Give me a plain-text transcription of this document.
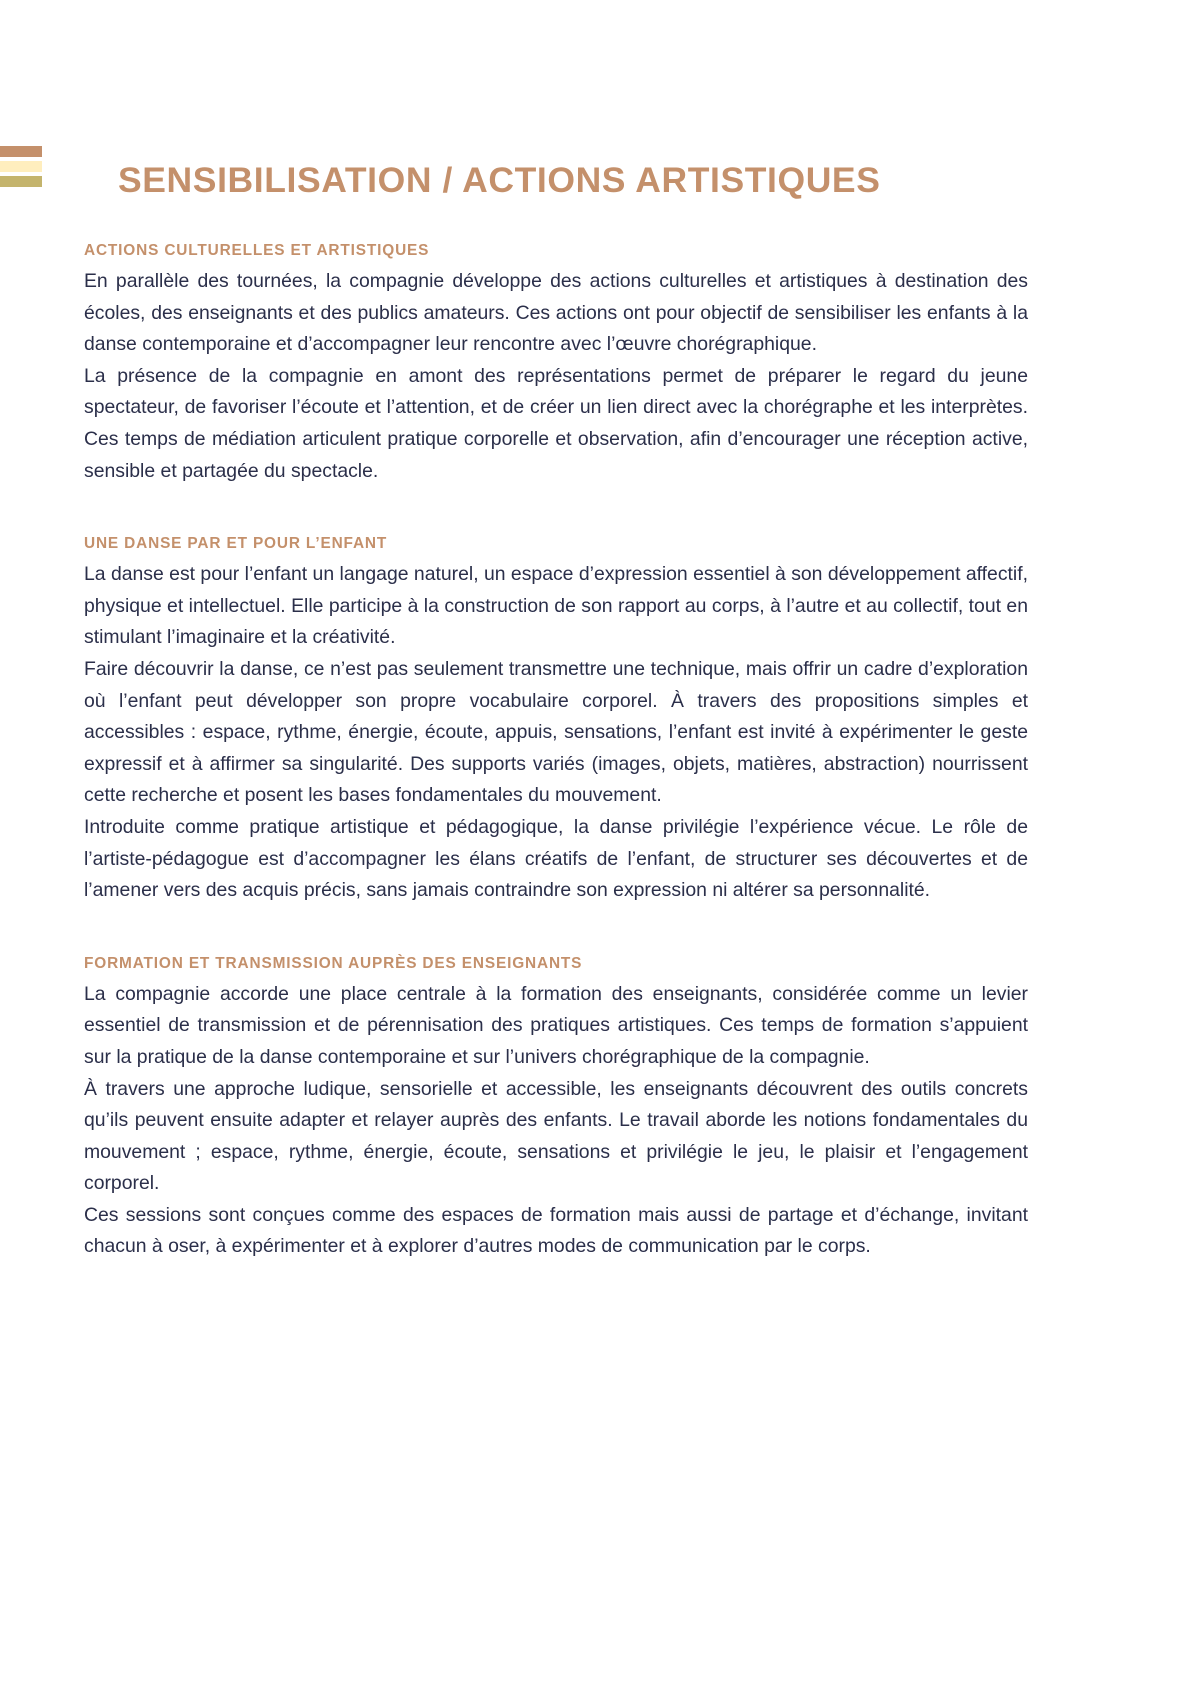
SENSIBILISATION / ACTIONS ARTISTIQUES
ACTIONS CULTURELLES ET ARTISTIQUES

En parallèle des tournées, la compagnie développe des actions culturelles et artistiques à destination des écoles, des enseignants et des publics amateurs. Ces actions ont pour objectif de sensibiliser les enfants à la danse contemporaine et d’accompagner leur rencontre avec l’œuvre chorégraphique.

La présence de la compagnie en amont des représentations permet de préparer le regard du jeune spectateur, de favoriser l’écoute et l’attention, et de créer un lien direct avec la chorégraphe et les interprètes. Ces temps de médiation articulent pratique corporelle et observation, afin d’encourager une réception active, sensible et partagée du spectacle.

UNE DANSE PAR ET POUR L’ENFANT

La danse est pour l’enfant un langage naturel, un espace d’expression essentiel à son développement affectif, physique et intellectuel. Elle participe à la construction de son rapport au corps, à l’autre et au collectif, tout en stimulant l’imaginaire et la créativité.

Faire découvrir la danse, ce n’est pas seulement transmettre une technique, mais offrir un cadre d’exploration où l’enfant peut développer son propre vocabulaire corporel. À travers des propositions simples et accessibles : espace, rythme, énergie, écoute, appuis, sensations, l’enfant est invité à expérimenter le geste expressif et à affirmer sa singularité. Des supports variés (images, objets, matières, abstraction) nourrissent cette recherche et posent les bases fondamentales du mouvement.

Introduite comme pratique artistique et pédagogique, la danse privilégie l’expérience vécue. Le rôle de l’artiste-pédagogue est d’accompagner les élans créatifs de l’enfant, de structurer ses découvertes et de l’amener vers des acquis précis, sans jamais contraindre son expression ni altérer sa personnalité.

FORMATION ET TRANSMISSION AUPRÈS DES ENSEIGNANTS

La compagnie accorde une place centrale à la formation des enseignants, considérée comme un levier essentiel de transmission et de pérennisation des pratiques artistiques. Ces temps de formation s’appuient sur la pratique de la danse contemporaine et sur l’univers chorégraphique de la compagnie.

À travers une approche ludique, sensorielle et accessible, les enseignants découvrent des outils concrets qu’ils peuvent ensuite adapter et relayer auprès des enfants. Le travail aborde les notions fondamentales du mouvement ; espace, rythme, énergie, écoute, sensations et privilégie le jeu, le plaisir et l’engagement corporel.

Ces sessions sont conçues comme des espaces de formation mais aussi de partage et d’échange, invitant chacun à oser, à expérimenter et à explorer d’autres modes de communication par le corps.
